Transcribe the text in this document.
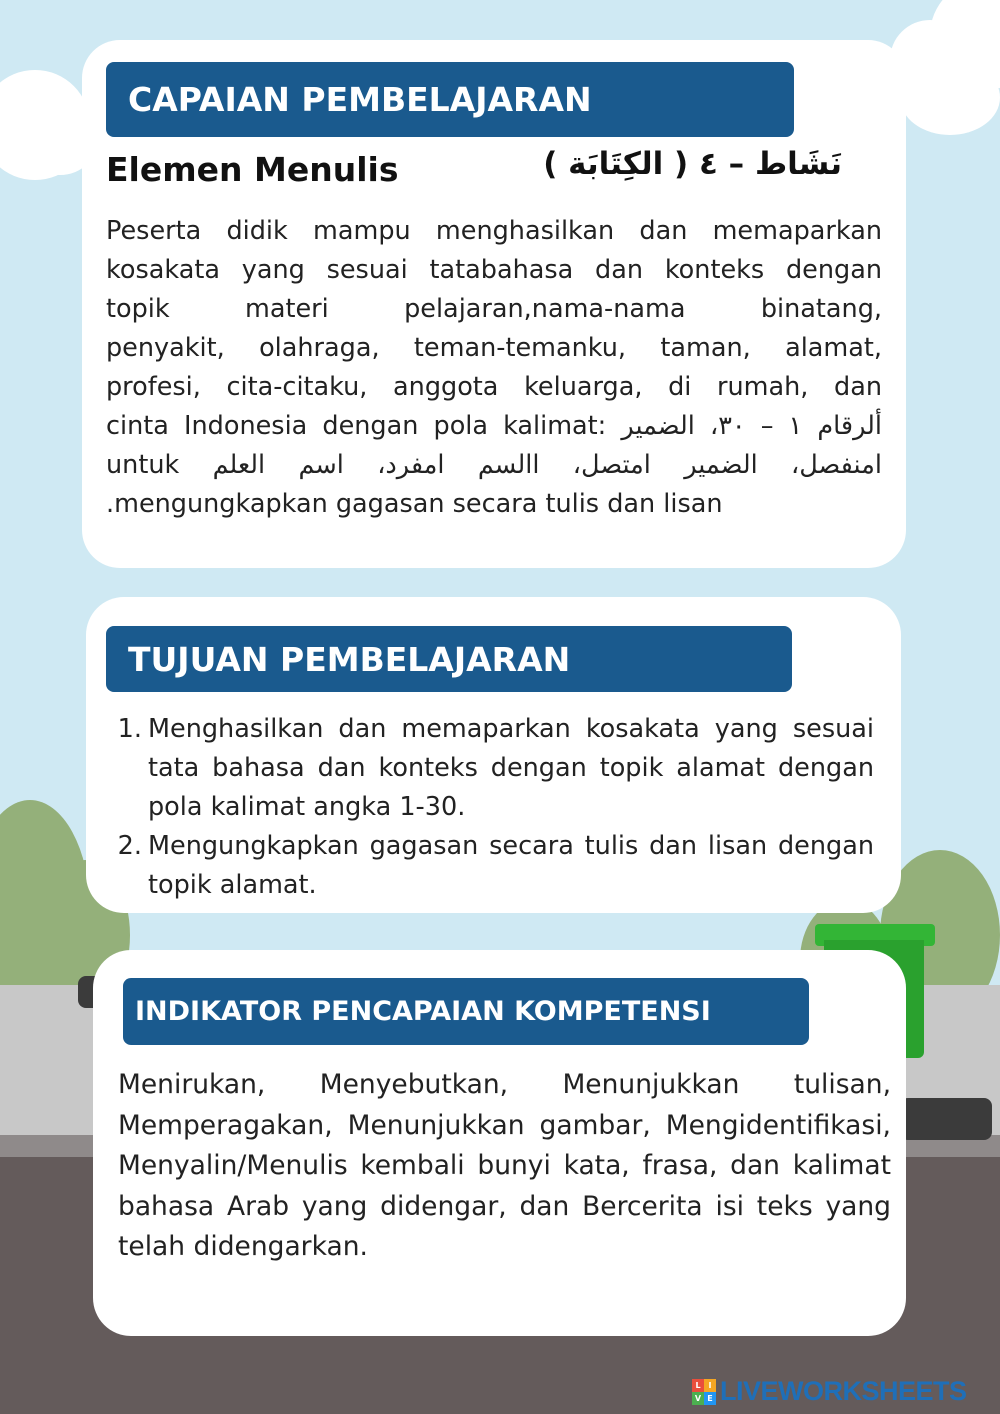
CAPAIAN PEMBELAJARAN
Elemen Menulis	نَشَاط – ٤ ( الكِتَابَة )
Peserta didik mampu menghasilkan dan memaparkan
kosakata yang sesuai tatabahasa dan konteks dengan
topik materi pelajaran,nama-nama binatang,
penyakit, olahraga, teman-temanku, taman, alamat,
profesi, cita-citaku, anggota keluarga, di rumah, dan
cinta Indonesia dengan pola kalimat: ألرقام ١ – ٣٠، الضمير
untuk امنفصل، الضمير امتصل، االسم امفرد، اسم العلم
mengungkapkan gagasan secara tulis dan lisan.
TUJUAN PEMBELAJARAN
1. Menghasilkan dan memaparkan kosakata yang sesuai tata bahasa dan konteks dengan topik alamat dengan pola kalimat angka 1-30.
2. Mengungkapkan gagasan secara tulis dan lisan dengan topik alamat.
INDIKATOR PENCAPAIAN KOMPETENSI

Menirukan, Menyebutkan, Menunjukkan tulisan, Memperagakan, Menunjukkan gambar, Mengidentifikasi, Menyalin/Menulis kembali bunyi kata, frasa, dan kalimat bahasa Arab yang didengar, dan Bercerita isi teks yang telah didengarkan.

L I
V E LIVEWORKSHEETS
